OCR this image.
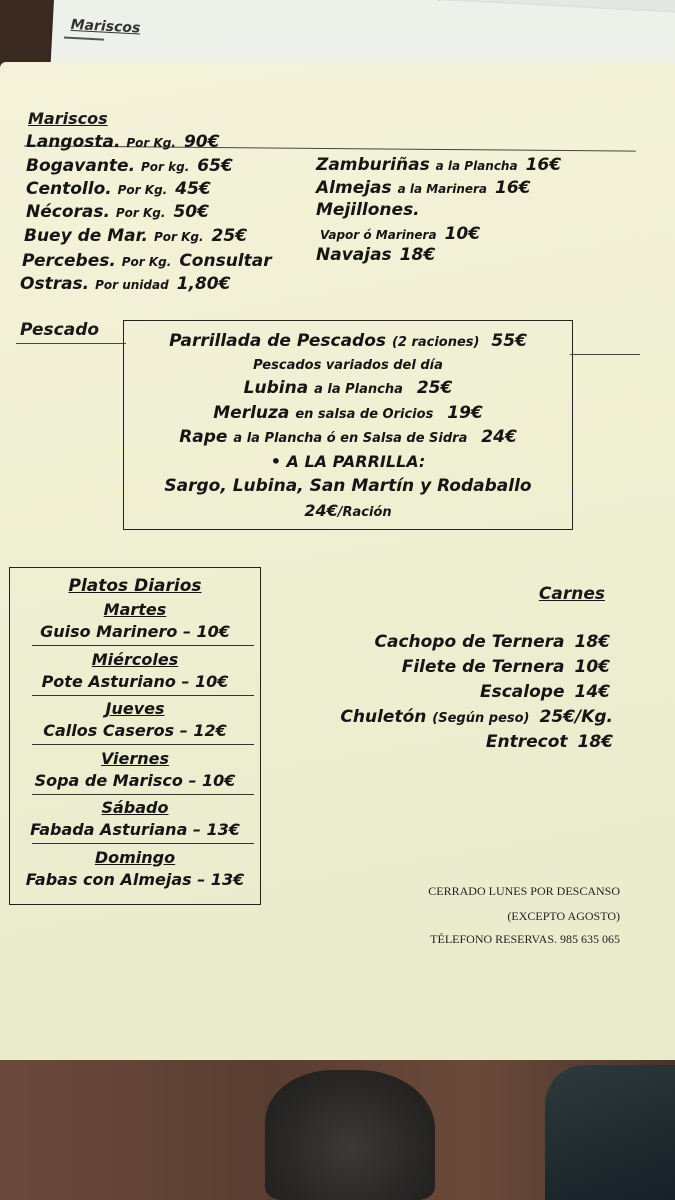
Mariscos
Mariscos
Langosta. Por Kg. 90€
Bogavante. Por kg. 65€
Centollo. Por Kg. 45€
Nécoras. Por Kg. 50€
Buey de Mar. Por Kg. 25€
Percebes. Por Kg. Consultar
Ostras. Por unidad 1,80€
Zamburiñas a la Plancha 16€
Almejas a la Marinera 16€
Mejillones.
Vapor ó Marinera 10€
Navajas 18€
Pescado
Parrillada de Pescados (2 raciones) 55€
Pescados variados del día
Lubina a la Plancha 25€
Merluza en salsa de Oricios 19€
Rape a la Plancha ó en Salsa de Sidra 24€
• A LA PARRILLA:
Sargo, Lubina, San Martín y Rodaballo
24€/Ración
Platos Diarios
Martes
Guiso Marinero – 10€
Miércoles
Pote Asturiano – 10€
Jueves
Callos Caseros – 12€
Viernes
Sopa de Marisco – 10€
Sábado
Fabada Asturiana – 13€
Domingo
Fabas con Almejas – 13€
Carnes
Cachopo de Ternera 18€
Filete de Ternera 10€
Escalope 14€
Chuletón (Según peso) 25€/Kg.
Entrecot 18€
CERRADO LUNES POR DESCANSO
(EXCEPTO AGOSTO)
TÉLEFONO RESERVAS. 985 635 065
